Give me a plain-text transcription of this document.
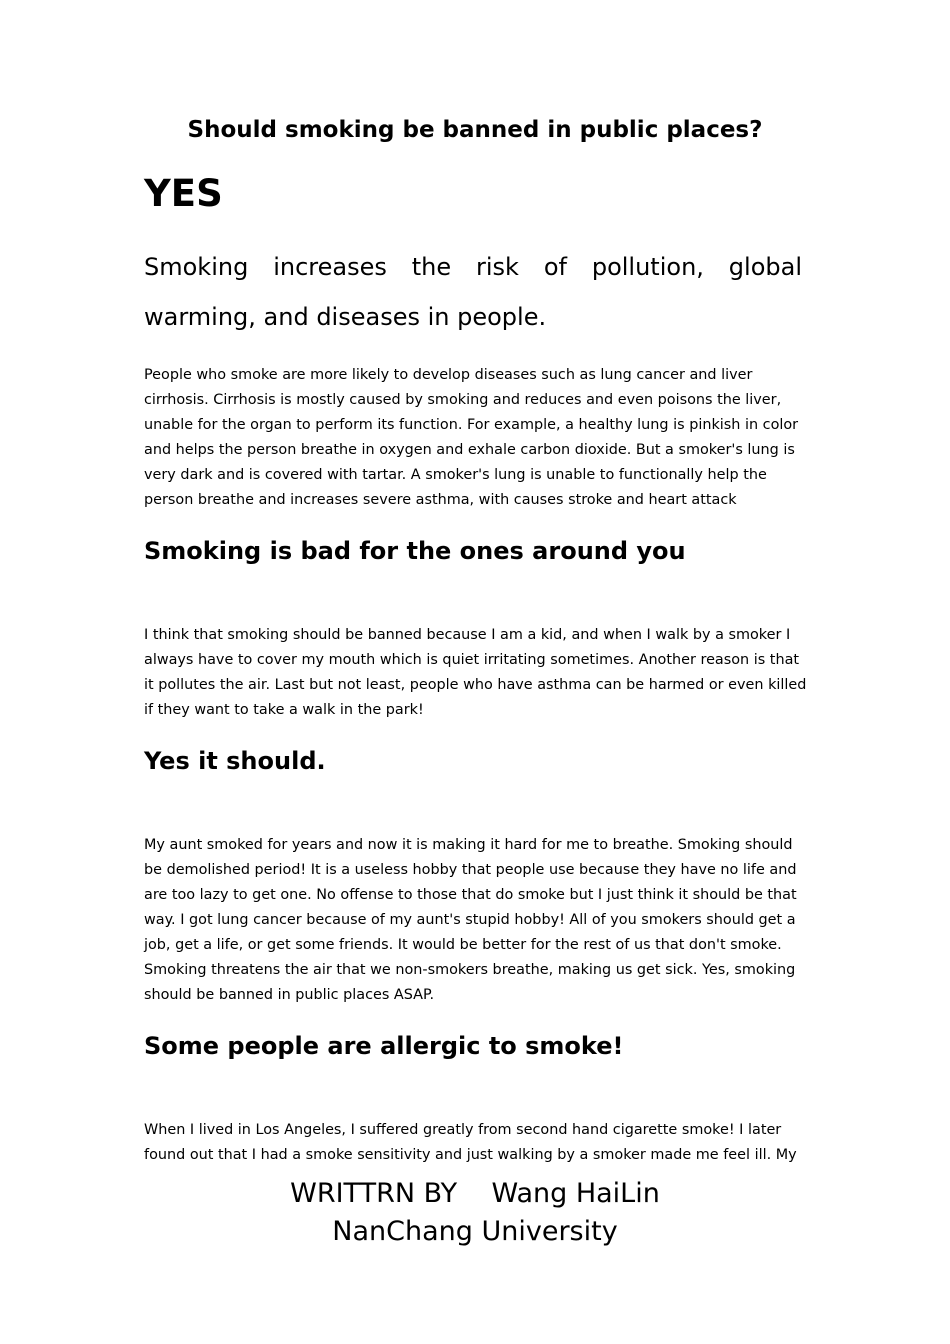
Should smoking be banned in public places?
YES

Smoking increases the risk of pollution, global warming, and diseases in people.

People who smoke are more likely to develop diseases such as lung cancer and liver cirrhosis. Cirrhosis is mostly caused by smoking and reduces and even poisons the liver, unable for the organ to perform its function. For example, a healthy lung is pinkish in color and helps the person breathe in oxygen and exhale carbon dioxide. But a smoker's lung is very dark and is covered with tartar. A smoker's lung is unable to functionally help the person breathe and increases severe asthma, with causes stroke and heart attack

Smoking is bad for the ones around you

I think that smoking should be banned because I am a kid, and when I walk by a smoker I always have to cover my mouth which is quiet irritating sometimes. Another reason is that it pollutes the air. Last but not least, people who have asthma can be harmed or even killed if they want to take a walk in the park!

Yes it should.

My aunt smoked for years and now it is making it hard for me to breathe. Smoking should be demolished period! It is a useless hobby that people use because they have no life and are too lazy to get one. No offense to those that do smoke but I just think it should be that way. I got lung cancer because of my aunt's stupid hobby! All of you smokers should get a job, get a life, or get some friends. It would be better for the rest of us that don't smoke. Smoking threatens the air that we non-smokers breathe, making us get sick. Yes, smoking should be banned in public places ASAP.

Some people are allergic to smoke!

When I lived in Los Angeles, I suffered greatly from second hand cigarette smoke! I later found out that I had a smoke sensitivity and just walking by a smoker made me feel ill. My

WRITTRN BY    Wang HaiLin
NanChang University
